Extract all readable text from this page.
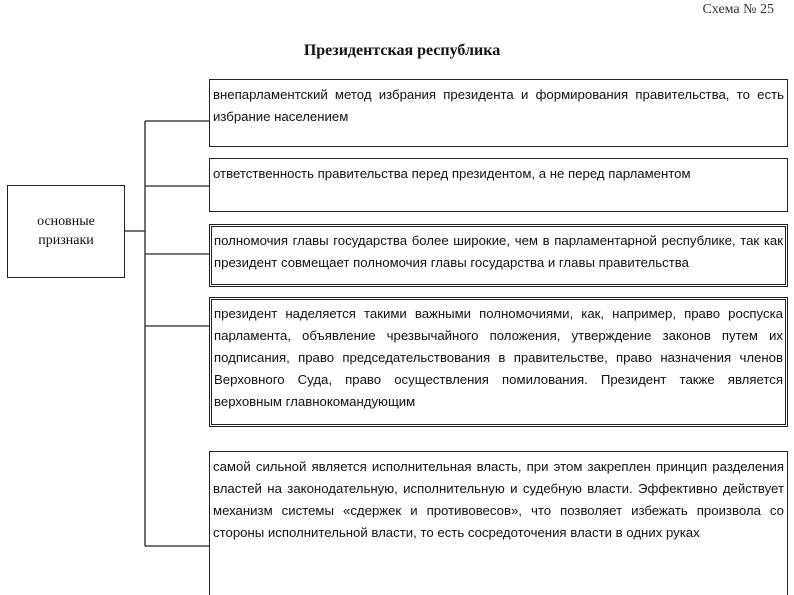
Схема № 25
Президентская республика
основные
признаки
внепарламентский метод избрания президента и формирования правительства, то есть избрание населением
ответственность правительства перед президентом, а не перед парламентом
полномочия главы государства более широкие, чем в парламентарной республике, так как президент совмещает полномочия главы государства и главы правительства
президент наделяется такими важными полномочиями, как, например, право роспуска парламента, объявление чрезвычайного положения, утверждение законов путем их подписания, право председательствования в правительстве, право назначения членов Верховного Суда, право осуществления помилования. Президент также является верховным главнокомандующим
самой сильной является исполнительная власть, при этом закреплен принцип разделения властей на законодательную, исполнительную и судебную власти. Эффективно действует механизм системы «сдержек и противовесов», что позволяет избежать произвола со стороны исполнительной власти, то есть сосредоточения власти в одних руках
